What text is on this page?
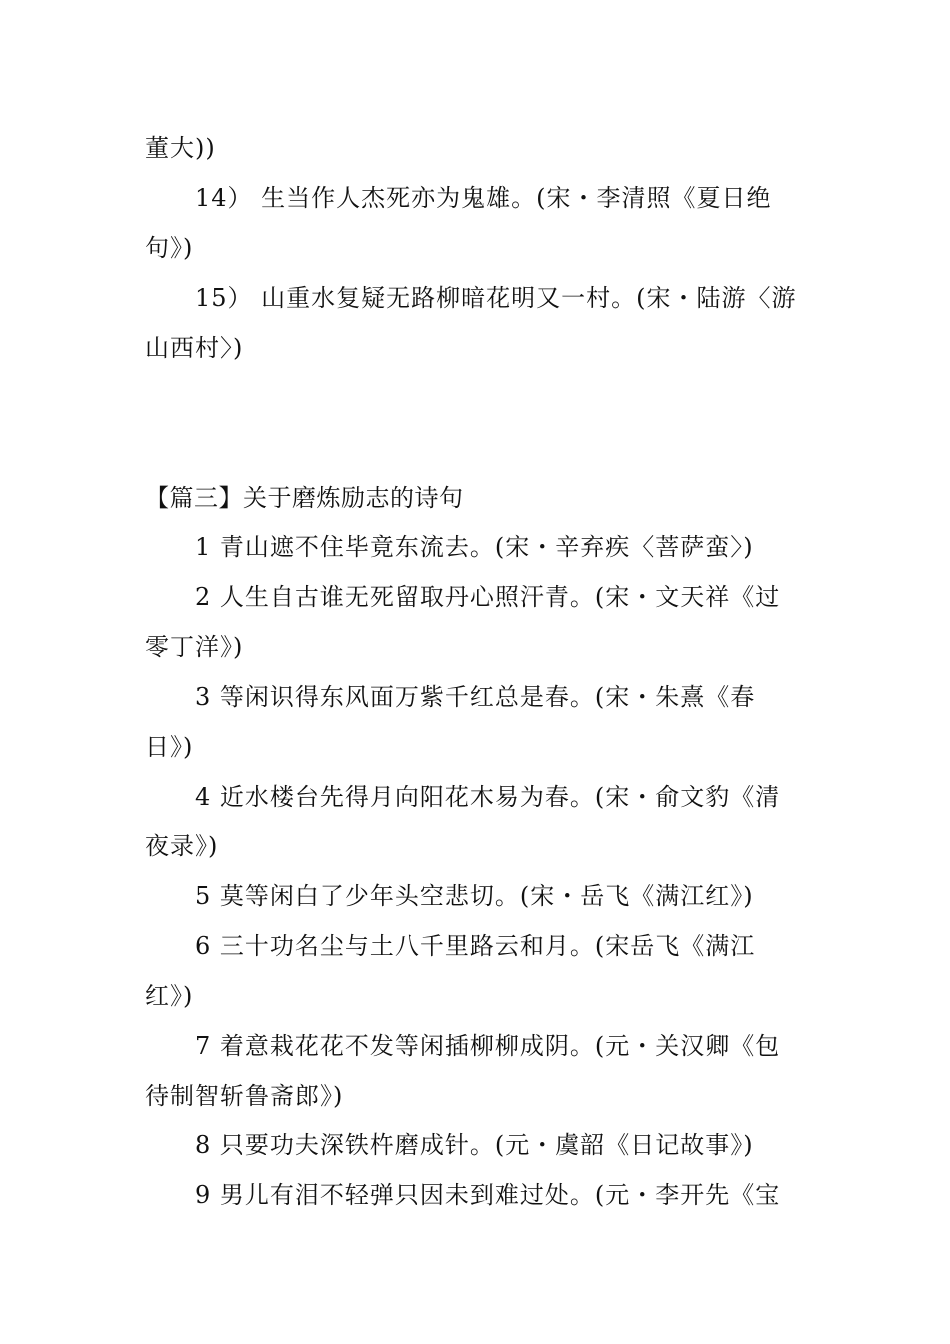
董大))
14） 生当作人杰死亦为鬼雄。(宋・李清照《夏日绝
句》)
15） 山重水复疑无路柳暗花明又一村。(宋・陆游〈游
山西村〉)
【篇三】关于磨炼励志的诗句
1 青山遮不住毕竟东流去。(宋・辛弃疾〈菩萨蛮〉)
2 人生自古谁无死留取丹心照汗青。(宋・文天祥《过
零丁洋》)
3 等闲识得东风面万紫千红总是春。(宋・朱熹《春
日》)
4 近水楼台先得月向阳花木易为春。(宋・俞文豹《清
夜录》)
5 莫等闲白了少年头空悲切。(宋・岳飞《满江红》)
6 三十功名尘与土八千里路云和月。(宋岳飞《满江
红》)
7 着意栽花花不发等闲插柳柳成阴。(元・关汉卿《包
待制智斩鲁斋郎》)
8 只要功夫深铁杵磨成针。(元・虞韶《日记故事》)
9 男儿有泪不轻弹只因未到难过处。(元・李开先《宝
